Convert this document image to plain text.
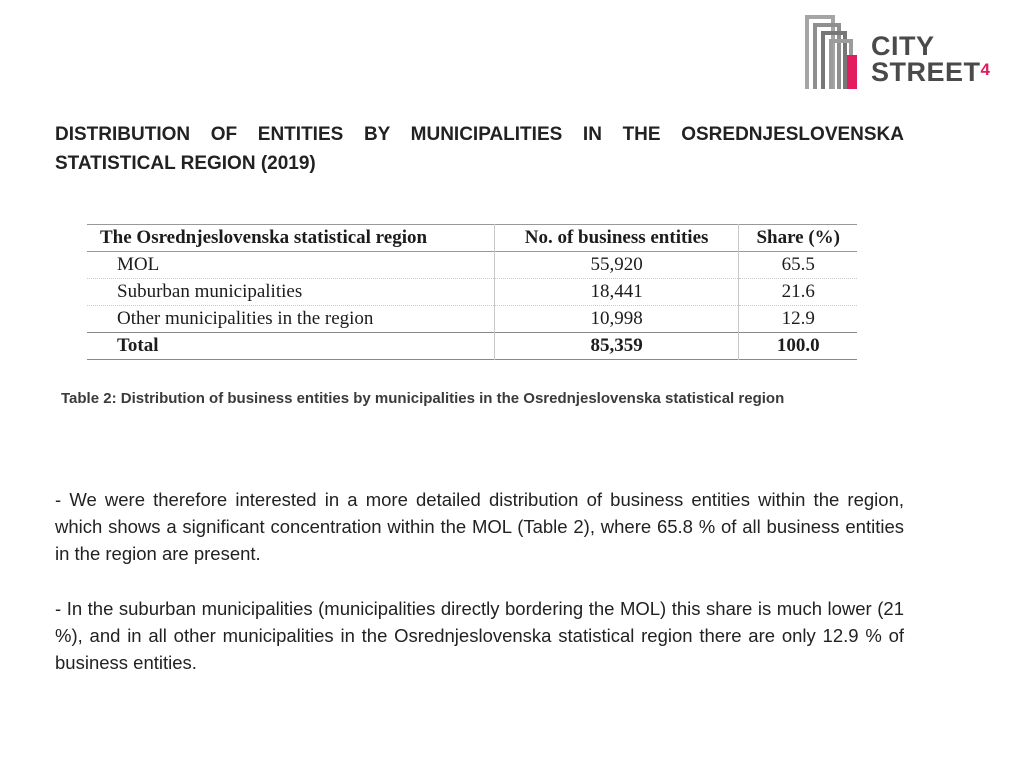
CITY
STREET$^4$
DISTRIBUTION OF ENTITIES BY MUNICIPALITIES IN THE OSREDNJESLOVENSKA STATISTICAL REGION (2019)
The Osrednjeslovenska statistical region	No. of business entities	Share (%)
MOL	55,920	65.5
Suburban municipalities	18,441	21.6
Other municipalities in the region	10,998	12.9
Total	85,359	100.0
Table 2: Distribution of business entities by municipalities in the Osrednjeslovenska statistical region

- We were therefore interested in a more detailed distribution of business entities within the region, which shows a significant concentration within the MOL (Table 2), where 65.8 % of all business entities in the region are present.

- In the suburban municipalities (municipalities directly bordering the MOL) this share is much lower (21 %), and in all other municipalities in the Osrednjeslovenska statistical region there are only 12.9 % of business entities.
